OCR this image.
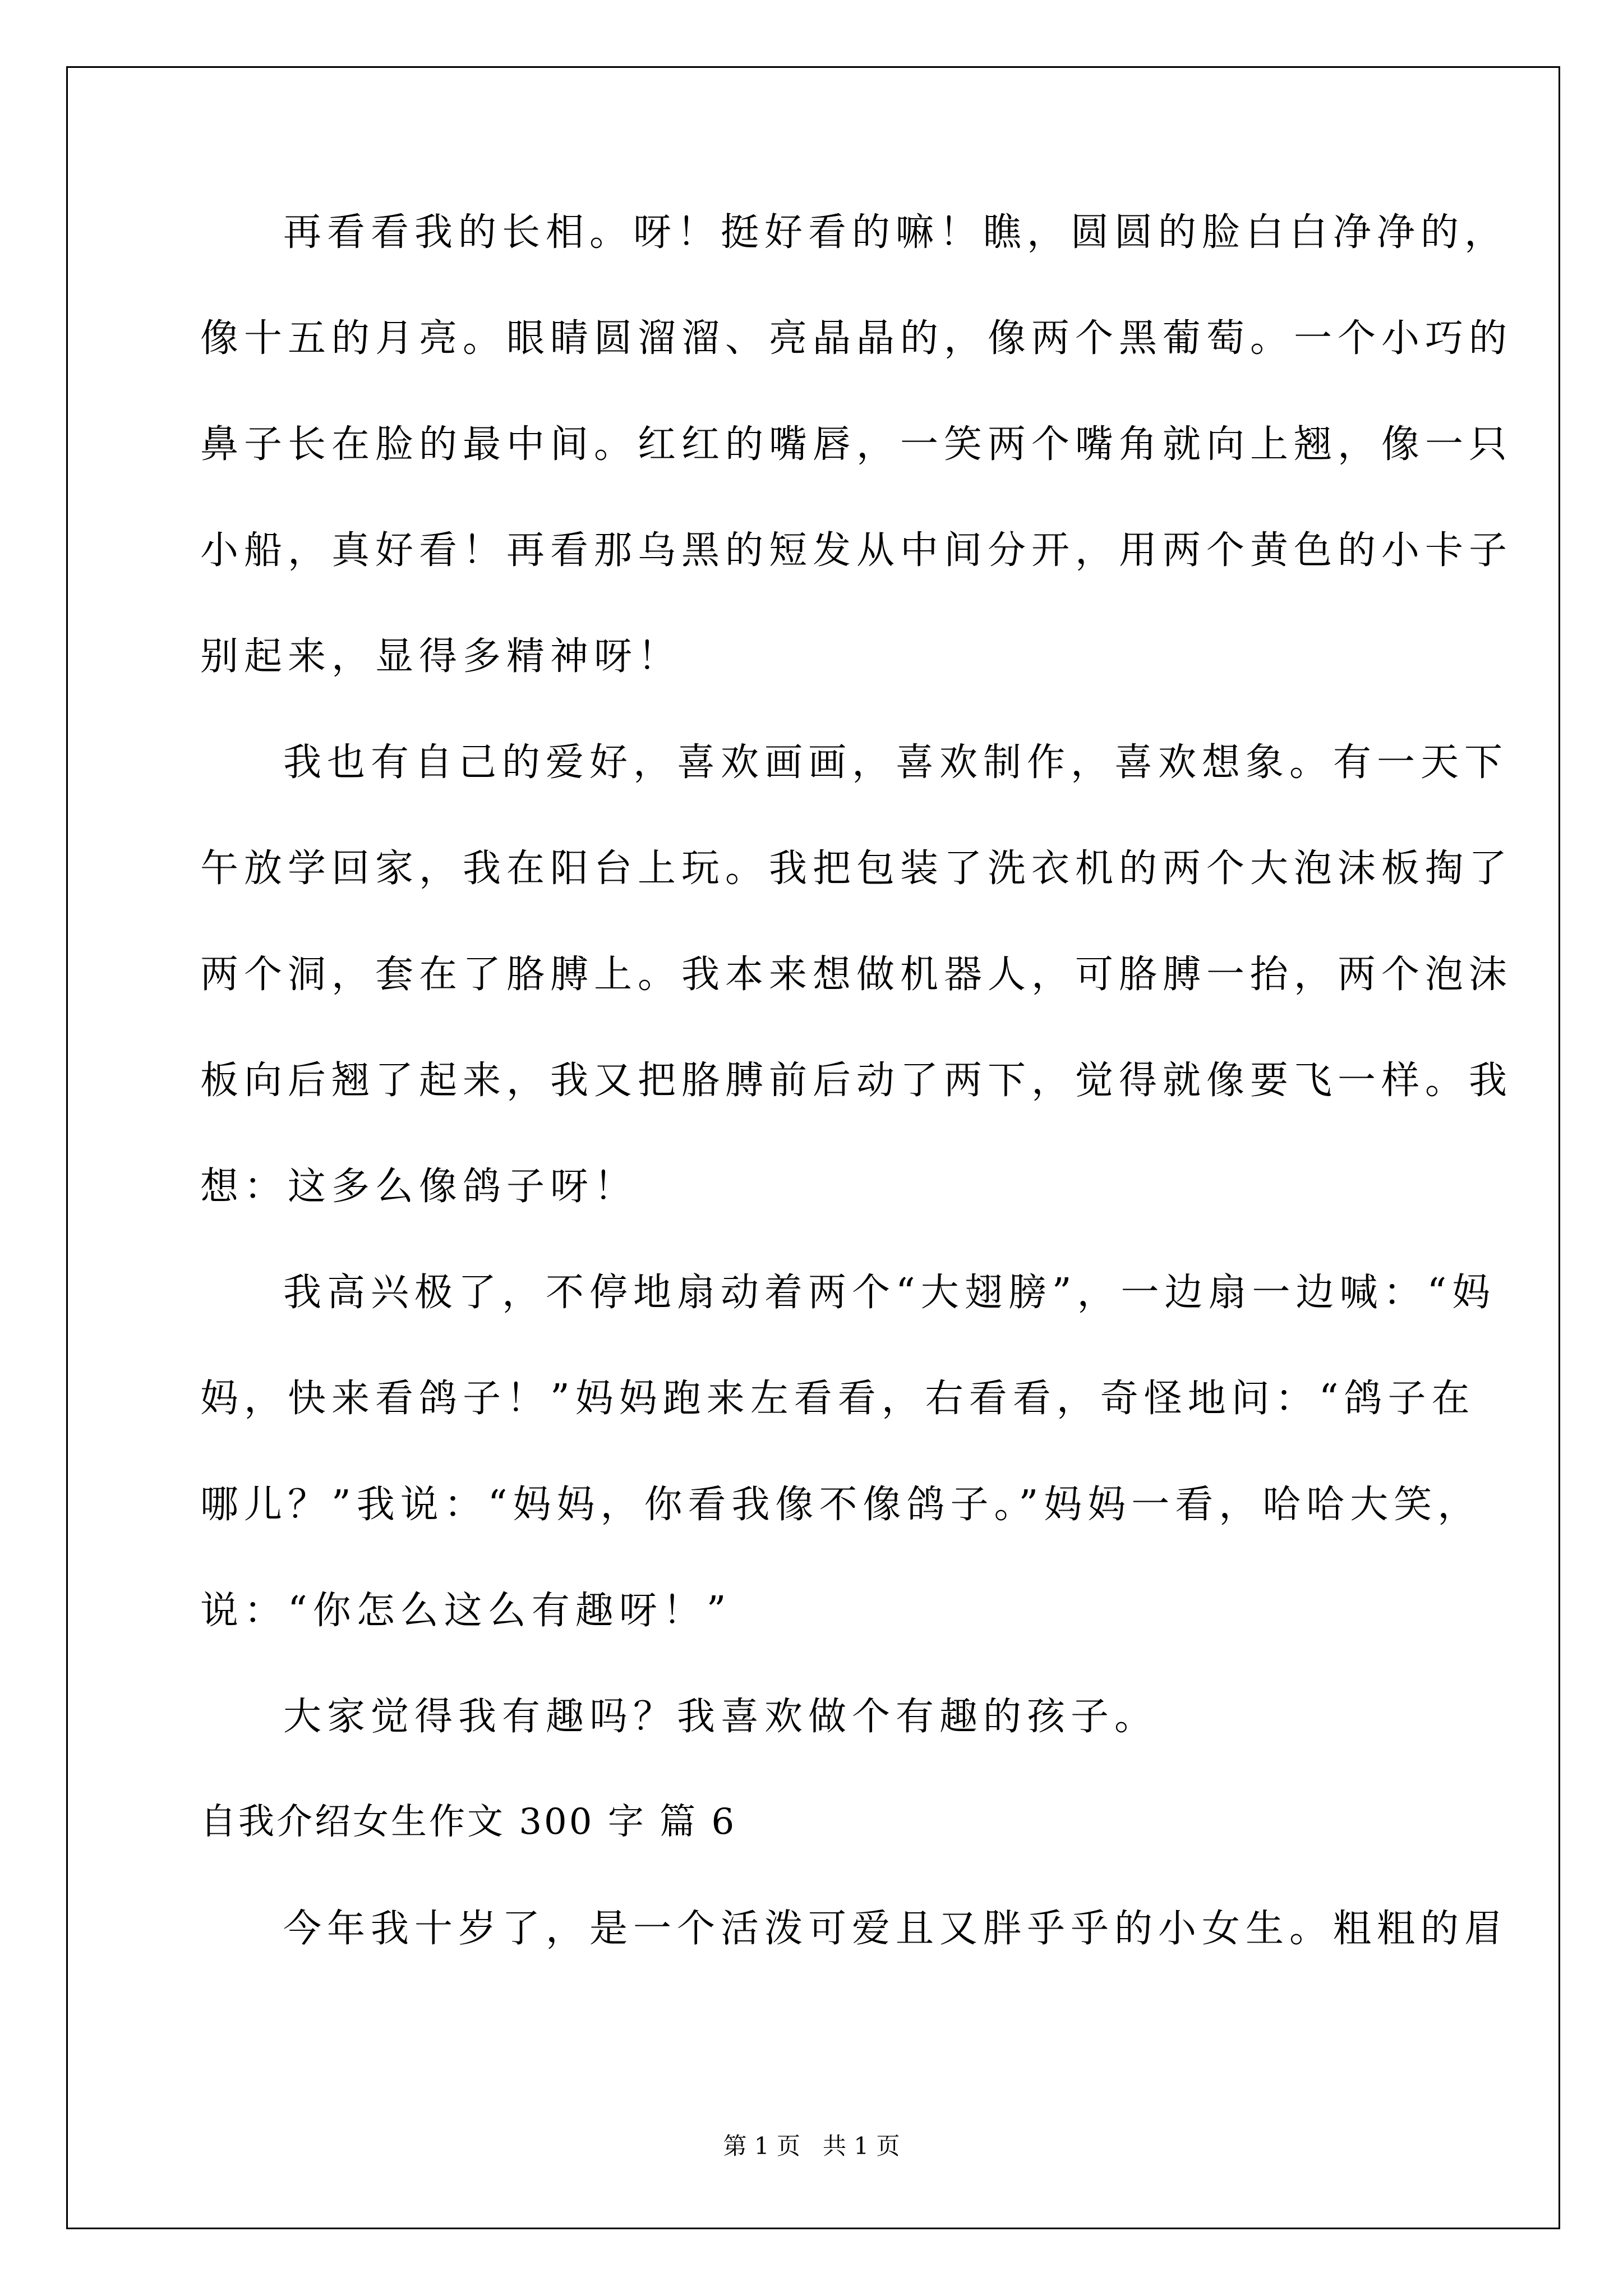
再看看我的长相。呀！挺好看的嘛！瞧，圆圆的脸白白净净的，
像十五的月亮。眼睛圆溜溜、亮晶晶的，像两个黑葡萄。一个小巧的
鼻子长在脸的最中间。红红的嘴唇，一笑两个嘴角就向上翘，像一只
小船，真好看！再看那乌黑的短发从中间分开，用两个黄色的小卡子
别起来，显得多精神呀！
我也有自己的爱好，喜欢画画，喜欢制作，喜欢想象。有一天下
午放学回家，我在阳台上玩。我把包装了洗衣机的两个大泡沫板掏了
两个洞，套在了胳膊上。我本来想做机器人，可胳膊一抬，两个泡沫
板向后翘了起来，我又把胳膊前后动了两下，觉得就像要飞一样。我
想：这多么像鸽子呀！
我高兴极了，不停地扇动着两个“大翅膀”，一边扇一边喊：“妈
妈，快来看鸽子！”妈妈跑来左看看，右看看，奇怪地问：“鸽子在
哪儿？”我说：“妈妈，你看我像不像鸽子。”妈妈一看，哈哈大笑，
说：“你怎么这么有趣呀！”
大家觉得我有趣吗？我喜欢做个有趣的孩子。
自我介绍女生作文 300 字 篇 6
今年我十岁了，是一个活泼可爱且又胖乎乎的小女生。粗粗的眉
第 1 页   共 1 页
